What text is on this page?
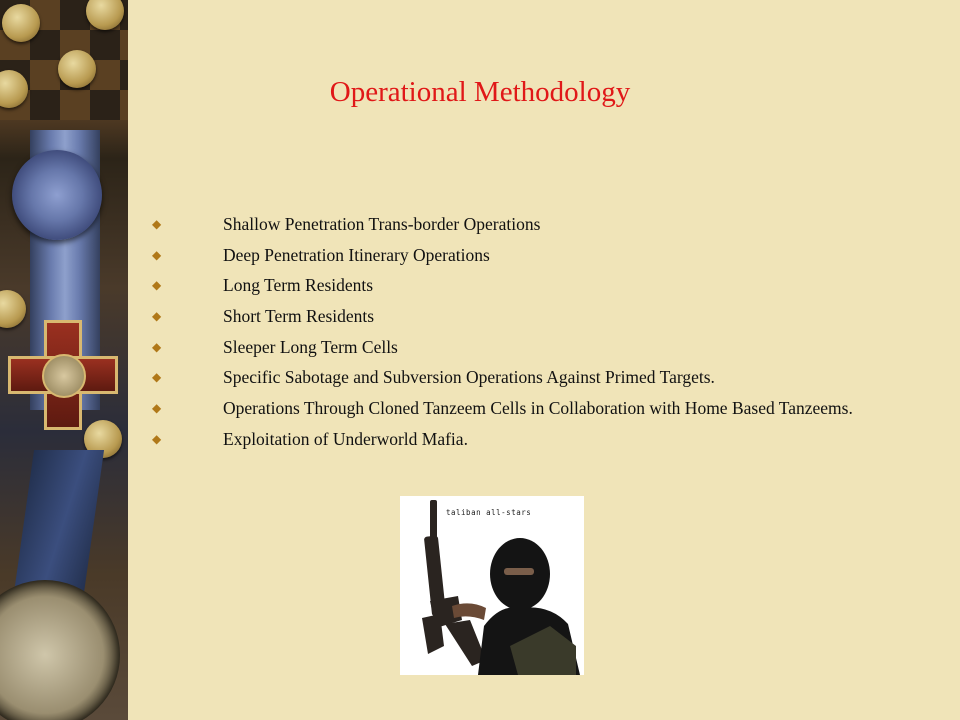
Operational Methodology
◆	Shallow Penetration Trans-border Operations
◆	Deep Penetration Itinerary Operations
◆	Long Term Residents
◆	Short Term Residents
◆	Sleeper Long Term Cells
◆	Specific Sabotage and Subversion Operations Against Primed Targets.
◆	Operations Through Cloned Tanzeem Cells in Collaboration with Home Based Tanzeems.
◆	Exploitation of Underworld Mafia.
taliban all-stars
